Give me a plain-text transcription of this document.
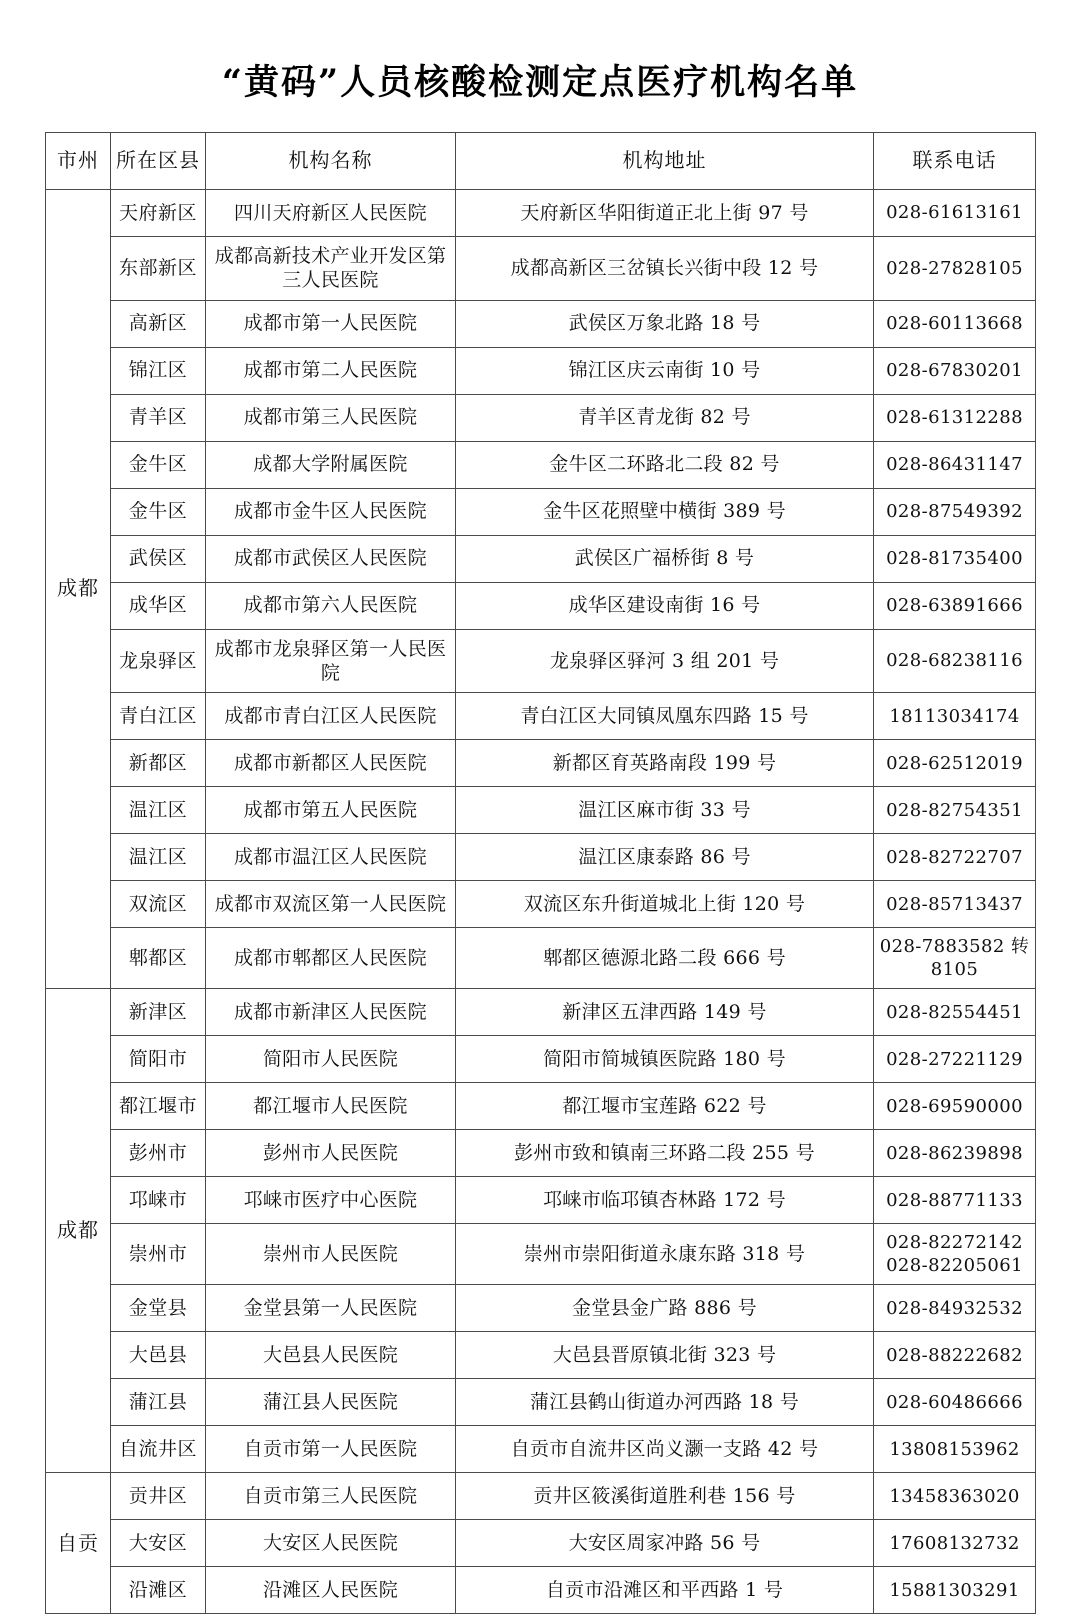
“黄码”人员核酸检测定点医疗机构名单
市州	所在区县	机构名称	机构地址	联系电话
成都	天府新区	四川天府新区人民医院	天府新区华阳街道正北上街 97 号	028-61613161

	东部新区	成都高新技术产业开发区第三人民医院	成都高新区三岔镇长兴街中段 12 号	028-27828105

	高新区	成都市第一人民医院	武侯区万象北路 18 号	028-60113668

	锦江区	成都市第二人民医院	锦江区庆云南街 10 号	028-67830201

	青羊区	成都市第三人民医院	青羊区青龙街 82 号	028-61312288

	金牛区	成都大学附属医院	金牛区二环路北二段 82 号	028-86431147

	金牛区	成都市金牛区人民医院	金牛区花照壁中横街 389 号	028-87549392

	武侯区	成都市武侯区人民医院	武侯区广福桥街 8 号	028-81735400

	成华区	成都市第六人民医院	成华区建设南街 16 号	028-63891666

	龙泉驿区	成都市龙泉驿区第一人民医院	龙泉驿区驿河 3 组 201 号	028-68238116

	青白江区	成都市青白江区人民医院	青白江区大同镇凤凰东四路 15 号	18113034174

	新都区	成都市新都区人民医院	新都区育英路南段 199 号	028-62512019

	温江区	成都市第五人民医院	温江区麻市街 33 号	028-82754351

	温江区	成都市温江区人民医院	温江区康泰路 86 号	028-82722707

	双流区	成都市双流区第一人民医院	双流区东升街道城北上街 120 号	028-85713437

	郫都区	成都市郫都区人民医院	郫都区德源北路二段 666 号	028-7883582 转 8105

成都	新津区	成都市新津区人民医院	新津区五津西路 149 号	028-82554451

	简阳市	简阳市人民医院	简阳市简城镇医院路 180 号	028-27221129

	都江堰市	都江堰市人民医院	都江堰市宝莲路 622 号	028-69590000

	彭州市	彭州市人民医院	彭州市致和镇南三环路二段 255 号	028-86239898

	邛崃市	邛崃市医疗中心医院	邛崃市临邛镇杏林路 172 号	028-88771133

	崇州市	崇州市人民医院	崇州市崇阳街道永康东路 318 号	028-82272142
028-82205061

	金堂县	金堂县第一人民医院	金堂县金广路 886 号	028-84932532

	大邑县	大邑县人民医院	大邑县晋原镇北街 323 号	028-88222682

	蒲江县	蒲江县人民医院	蒲江县鹤山街道办河西路 18 号	028-60486666

	自流井区	自贡市第一人民医院	自贡市自流井区尚义灏一支路 42 号	13808153962

自贡	贡井区	自贡市第三人民医院	贡井区筱溪街道胜利巷 156 号	13458363020

	大安区	大安区人民医院	大安区周家冲路 56 号	17608132732

	沿滩区	沿滩区人民医院	自贡市沿滩区和平西路 1 号	15881303291
